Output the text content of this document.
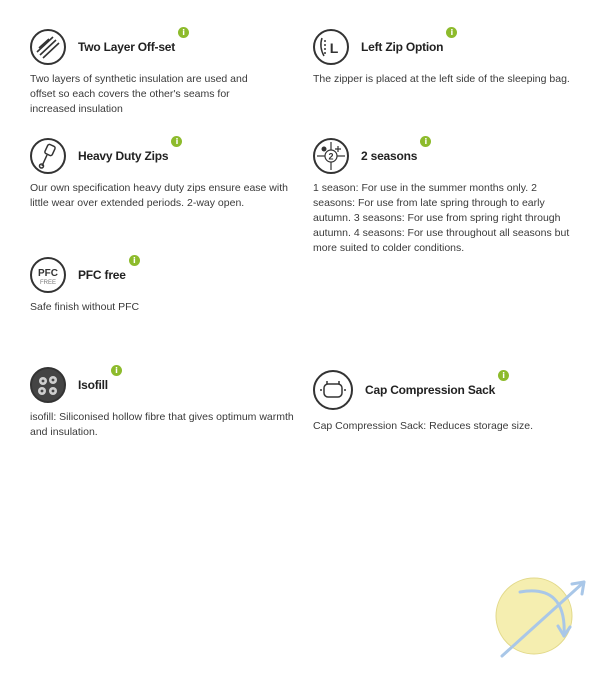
Two Layer Off-set
i
Two layers of synthetic insulation are used and offset so each covers the other's seams for increased insulation
L Left Zip Option
i
The zipper is placed at the left side of the sleeping bag.
Heavy Duty Zips
i
Our own specification heavy duty zips ensure ease with little wear over extended periods. 2-way open.
2 2 seasons
i
1 season: For use in the summer months only. 2 seasons: For use from late spring through to early autumn. 3 seasons: For use from spring right through autumn. 4 seasons: For use throughout all seasons but more suited to colder conditions.
PFC
FREE
PFC free
i
Safe finish without PFC
Isofill
i
isofill: Siliconised hollow fibre that gives optimum warmth and insulation.
Cap Compression Sack
i
Cap Compression Sack: Reduces storage size.
